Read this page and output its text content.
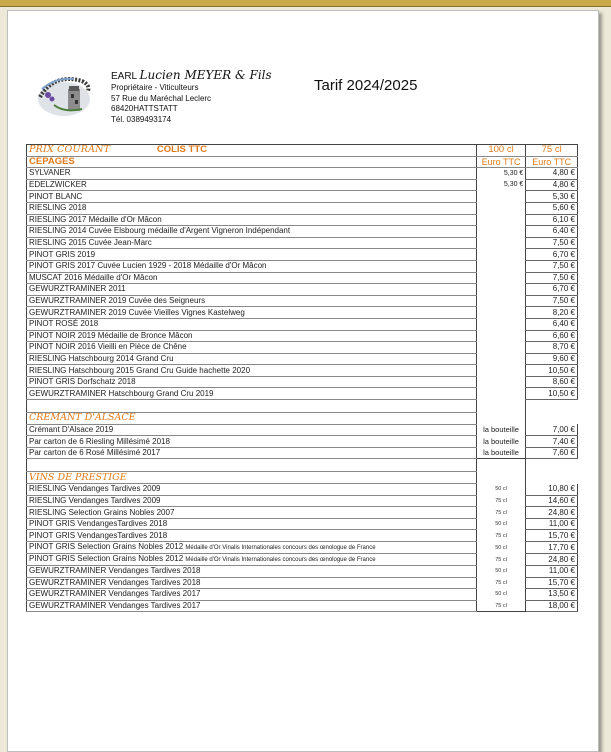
EARL Lucien MEYER & Fils
Propriétaire - Viticulteurs
57 Rue du Maréchal Leclerc
68420HATTSTATT
Tél. 0389493174
Tarif 2024/2025
PRIX COURANT COLIS TTC	100 cl	75 cl
CEPAGES	Euro TTC	Euro TTC
SYLVANER	5,30 €	4,80 €
EDELZWICKER	5,30 €	4,80 €
PINOT BLANC		5,30 €
RIESLING 2018		5,60 €
RIESLING 2017 Médaille d'Or Mâcon		6,10 €
RIESLING 2014 Cuvée Elsbourg médaille d'Argent Vigneron Indépendant		6,40 €
RIESLING 2015 Cuvée Jean-Marc		7,50 €
PINOT GRIS 2019		6,70 €
PINOT GRIS 2017 Cuvée Lucien 1929 - 2018 Médaille d'Or Mâcon		7,50 €
MUSCAT 2016 Médaille d'Or Mâcon		7,50 €
GEWURZTRAMINER 2011		6,70 €
GEWURZTRAMINER 2019 Cuvée des Seigneurs		7,50 €
GEWURZTRAMINER 2019 Cuvée Vieilles Vignes Kastelweg		8,20 €
PINOT ROSÉ 2018		6,40 €
PINOT NOIR 2019 Médaille de Bronce Mâcon		6,60 €
PINOT NOIR 2016 Vieilli en Pièce de Chêne		8,70 €
RIESLING Hatschbourg 2014 Grand Cru		9,60 €
RIESLING Hatschbourg 2015 Grand Cru Guide hachette 2020		10,50 €
PINOT GRIS Dorfschatz 2018		8,60 €
GEWURZTRAMINER Hatschbourg Grand Cru 2019		10,50 €

CREMANT D'ALSACE		
Crémant D'Alsace 2019	la bouteille	7,00 €
Par carton de 6 Riesling Millésimé 2018	la bouteille	7,40 €
Par carton de 6 Rosé Millésimé 2017	la bouteille	7,60 €

VINS DE PRESTIGE		
RIESLING Vendanges Tardives 2009	50 cl	10,80 €
RIESLING Vendanges Tardives 2009	75 cl	14,60 €
RIESLING Selection Grains Nobles 2007	75 cl	24,80 €
PINOT GRIS VendangesTardives 2018	50 cl	11,00 €
PINOT GRIS VendangesTardives 2018	75 cl	15,70 €
PINOT GRIS Selection Grains Nobles 2012 Médaille d'Or Vinalis Internationales concours des œnologue de France	50 cl	17,70 €
PINOT GRIS Selection Grains Nobles 2012 Médaille d'Or Vinalis Internationales concours des œnologue de France	75 cl	24,80 €
GEWURZTRAMINER Vendanges Tardives 2018	50 cl	11,00 €
GEWURZTRAMINER Vendanges Tardives 2018	75 cl	15,70 €
GEWURZTRAMINER Vendanges Tardives 2017	50 cl	13,50 €
GEWURZTRAMINER Vendanges Tardives 2017	75 cl	18,00 €
